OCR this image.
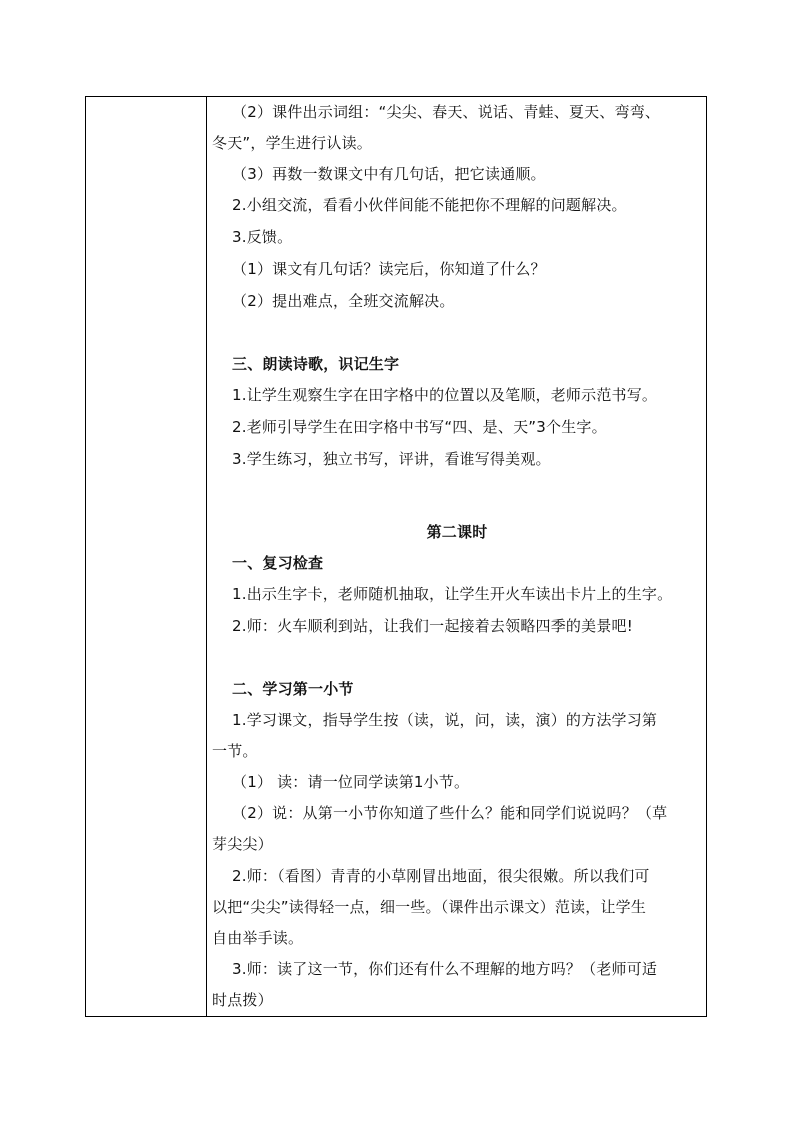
（2）课件出示词组：“尖尖、春天、说话、青蛙、夏天、弯弯、
冬天”，学生进行认读。
（3）再数一数课文中有几句话，把它读通顺。
2.小组交流，看看小伙伴间能不能把你不理解的问题解决。
3.反馈。
（1）课文有几句话？读完后，你知道了什么？
（2）提出难点，全班交流解决。
三、朗读诗歌，识记生字
1.让学生观察生字在田字格中的位置以及笔顺，老师示范书写。
2.老师引导学生在田字格中书写“四、是、天”3个生字。
3.学生练习，独立书写，评讲，看谁写得美观。
第二课时
一、复习检查
1.出示生字卡，老师随机抽取，让学生开火车读出卡片上的生字。
2.师：火车顺利到站，让我们一起接着去领略四季的美景吧!
二、学习第一小节
1.学习课文，指导学生按（读，说，问，读，演）的方法学习第
一节。
（1） 读：请一位同学读第1小节。
（2）说：从第一小节你知道了些什么？能和同学们说说吗？（草
芽尖尖）
2.师：（看图）青青的小草刚冒出地面，很尖很嫩。所以我们可
以把“尖尖”读得轻一点，细一些。（课件出示课文）范读，让学生
自由举手读。
3.师：读了这一节，你们还有什么不理解的地方吗？（老师可适
时点拨）
